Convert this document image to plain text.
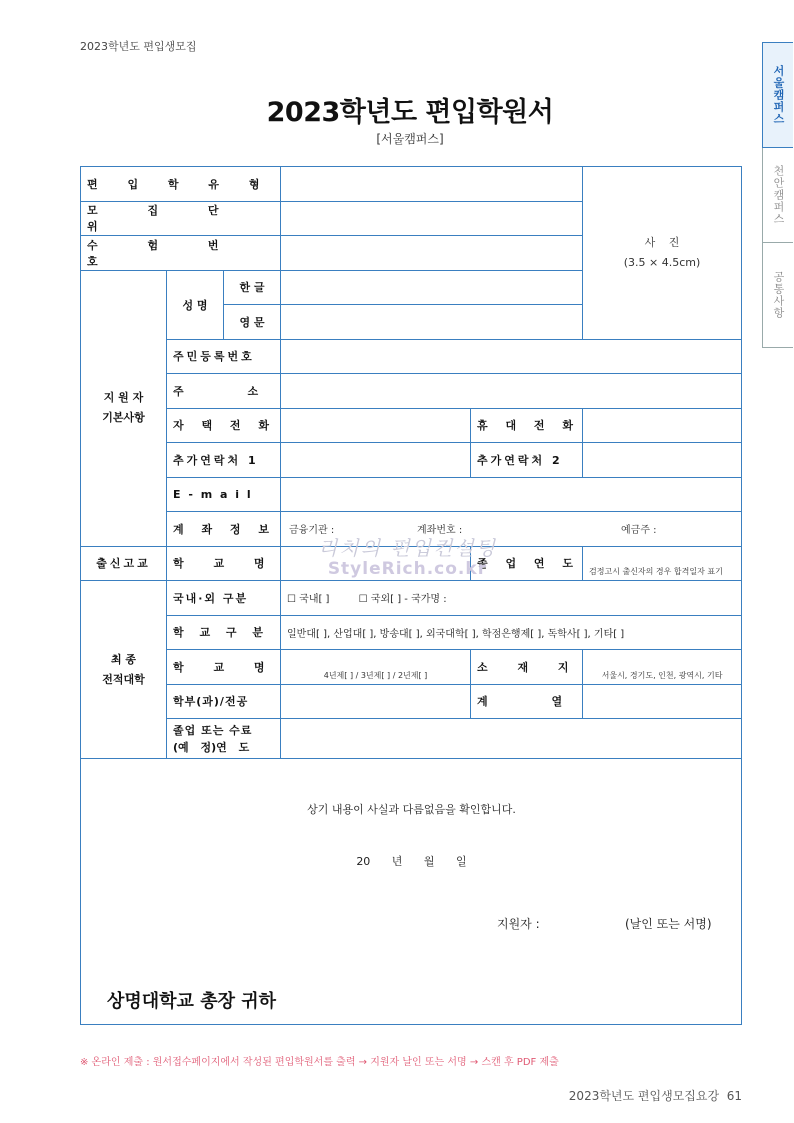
2023학년도 편입생모집
서울캠퍼스
천안캠퍼스
공통사항
2023학년도 편입학원서
[서울캠퍼스]
편 입 학 유 형					사 진
(3.5 × 4.5cm)

모 집 단 위					
수 험 번 호					
지 원 자
기본사항	성 명	한 글			
		영 문			
	주민등록번호				
	주 소				
	자 택 전 화			휴 대 전 화	
	추가연락처 1			추가연락처 2	
	E - m a i l				
	계 좌 정 보		금융기관 : 계좌번호 : 예금주 :		

출신고교	학 교 명			졸 업 연 도	검정고시 출신자의 경우 합격일자 표기
최 종
전적대학	국내·외 구분		☐ 국내[ ] ☐ 국외[ ] - 국가명 :		
	학 교 구 분		일반대[ ], 산업대[ ], 방송대[ ], 외국대학[ ], 학점은행제[ ], 독학사[ ], 기타[ ]		
	학 교 명		4년제[ ] / 3년제[ ] / 2년제[ ]	소 재 지	서울시, 경기도, 인천, 광역시, 기타
	학부(과)/전공			계 열	

	졸업 또는 수료
(예 정)연 도				

상기 내용이 사실과 다름없음을 확인합니다.
20 년 월 일
지원자 : (날인 또는 서명)
상명대학교 총장 귀하					
리치의 편입컨설팅
StyleRich.co.kr
※ 온라인 제출 : 원서접수페이지에서 작성된 편입학원서를 출력 → 지원자 날인 또는 서명 → 스캔 후 PDF 제출
2023학년도 편입생모집요강 61
